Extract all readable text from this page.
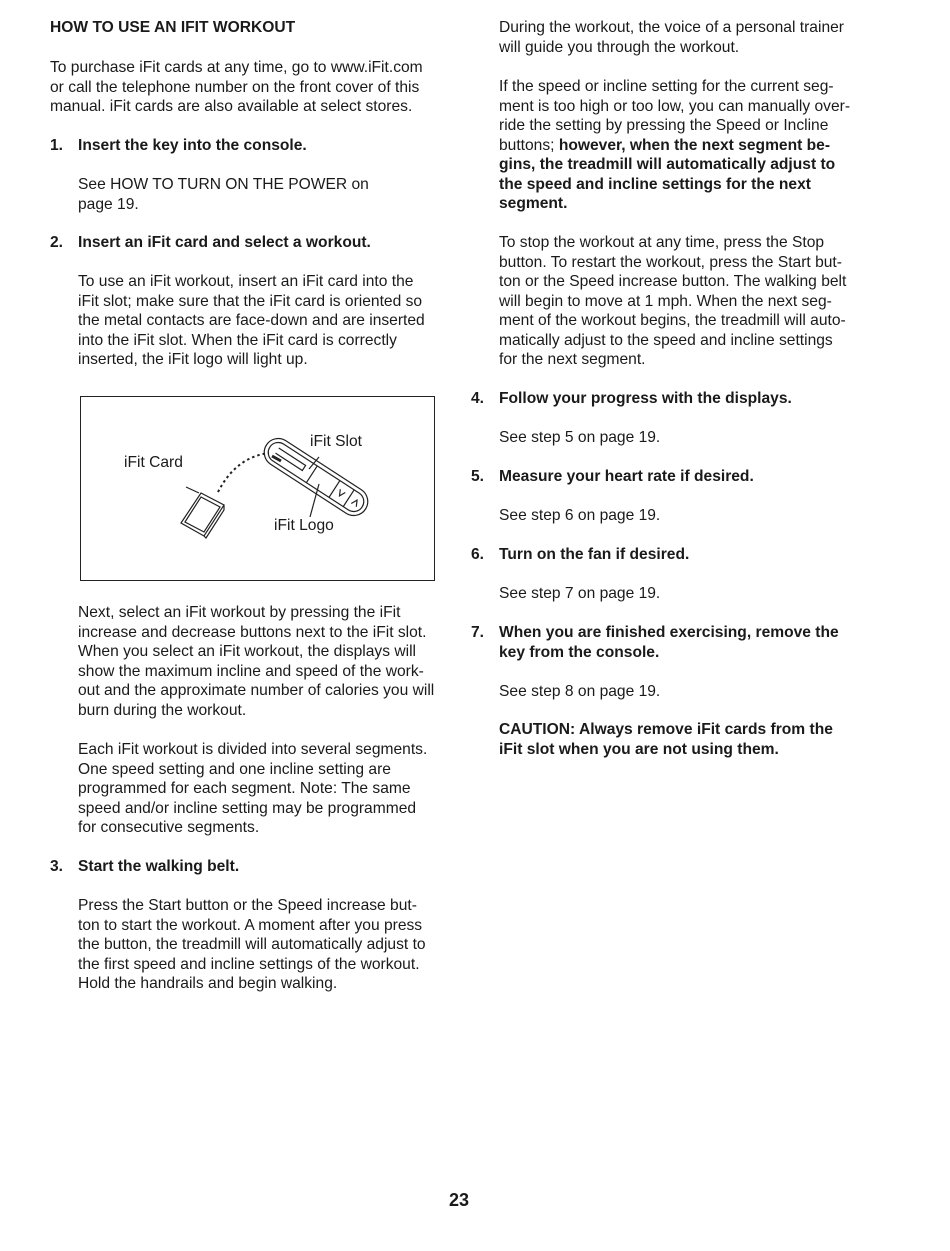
HOW TO USE AN IFIT WORKOUT
To purchase iFit cards at any time, go to www.iFit.com
or call the telephone number on the front cover of this
manual. iFit cards are also available at select stores.
1. Insert the key into the console.
See HOW TO TURN ON THE POWER on
page 19.
2. Insert an iFit card and select a workout.
To use an iFit workout, insert an iFit card into the
iFit slot; make sure that the iFit card is oriented so
the metal contacts are face-down and are inserted
into the iFit slot. When the iFit card is correctly
inserted, the iFit logo will light up.
iFit Card
iFit Slot
iFit Logo
Next, select an iFit workout by pressing the iFit
increase and decrease buttons next to the iFit slot.
When you select an iFit workout, the displays will
show the maximum incline and speed of the work-
out and the approximate number of calories you will
burn during the workout.
Each iFit workout is divided into several segments.
One speed setting and one incline setting are
programmed for each segment. Note: The same
speed and/or incline setting may be programmed
for consecutive segments.
3. Start the walking belt.
Press the Start button or the Speed increase but-
ton to start the workout. A moment after you press
the button, the treadmill will automatically adjust to
the first speed and incline settings of the workout.
Hold the handrails and begin walking.
During the workout, the voice of a personal trainer
will guide you through the workout.
If the speed or incline setting for the current seg-
ment is too high or too low, you can manually over-
ride the setting by pressing the Speed or Incline
buttons; however, when the next segment be-
gins, the treadmill will automatically adjust to
the speed and incline settings for the next
segment.
To stop the workout at any time, press the Stop
button. To restart the workout, press the Start but-
ton or the Speed increase button. The walking belt
will begin to move at 1 mph. When the next seg-
ment of the workout begins, the treadmill will auto-
matically adjust to the speed and incline settings
for the next segment.
4. Follow your progress with the displays.
See step 5 on page 19.
5. Measure your heart rate if desired.
See step 6 on page 19.
6. Turn on the fan if desired.
See step 7 on page 19.
7. When you are finished exercising, remove the
key from the console.
See step 8 on page 19.
CAUTION: Always remove iFit cards from the
iFit slot when you are not using them.
23
